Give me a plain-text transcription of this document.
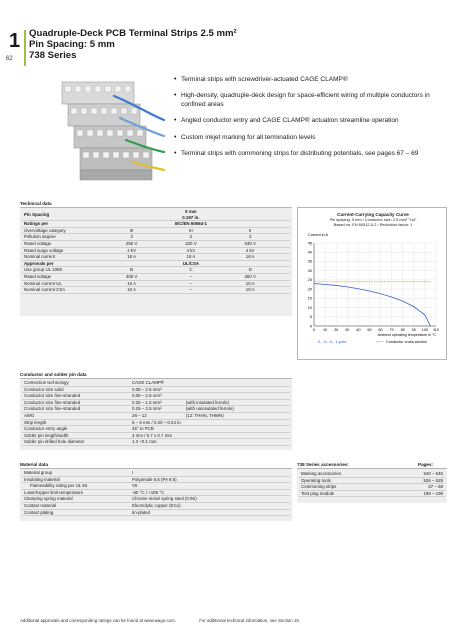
1
62
Quadruple-Deck PCB Terminal Strips 2.5 mm²
Pin Spacing: 5 mm
738 Series
• Terminal strips with screwdriver-actuated CAGE CLAMP®
• High-density, quadruple-deck design for space-efficient wiring of multiple conductors in confined areas
• Angled conductor entry and CAGE CLAMP® actuation streamline operation
• Custom inkjet marking for all termination levels
• Terminal strips with commoning strips for distributing potentials, see pages 67 – 69
Technical data
Pin Spacing	5 mm
0.197 in.			
Ratings per	IEC/EN 60664-1			
Overvoltage category	III	III	II	
Pollution degree	3	2	2	
Rated voltage	250 V	320 V	630 V	
Rated surge voltage	4 kV	4 kV	4 kV	
Nominal current	18 A	18 A	18 A	
Approvals per	UL/CSA			
Use group UL 1059	B	C	D	
Rated voltage	300 V	–	300 V	
Nominal current UL	10 A	–	10 A	
Nominal current CSA	10 A	–	10 A	
Current-Carrying Capacity Curve
Pin spacing: 5 mm / Conductor size: 2.5 mm² "f-st"
Based on: EN 60512-5-2 / Reduction factor: 1
0
5
10
15
20
25
30
35
40
45
0 10 20 30 40 50 60 70 80 90 100 110
Current in A
Ambient operating temperature in °C
2-, 4-, 6-, 1-pole	Conductor cross-section
Conductor and solder pin data
Connection technology	CAGE CLAMP®	
Conductor size solid	0.08 – 2.5 mm²	
Conductor size fine-stranded	0.08 – 2.5 mm²	
Conductor size fine-stranded	0.25 – 1.5 mm²	(with insulated ferrule)
Conductor size fine-stranded	0.25 – 2.5 mm²	(with uninsulated ferrule)
AWG	28 – 12	(12: THHN, THWN)
Strip length	5 – 6 mm / 0.20 – 0.24 in.	
Conductor entry angle	45° to PCB	
Solder pin length/width	4 mm / 0.7 x 0.7 mm	
Solder pin drilled hole diameter	1.3 +0.1 mm	
Material data
Material group	I
Insulating material	Polyamide 6.6 (PA 6.6)
Flammability rating per UL 94	V0
Lower/Upper limit temperature	-60 °C / +105 °C
Clamping spring material	Chrome nickel spring steel (CrNi)
Contact material	Electrolytic copper (ECu)
Contact plating	tin-plated
738 Series accessories:	Pages:
Marking accessories	540 – 545
Operating tools	526 – 528
Commoning strips	67 – 69
Test plug module	198 – 199
Additional approvals and corresponding ratings can be found at www.wago.com.	For additional technical information, see Section 15.
